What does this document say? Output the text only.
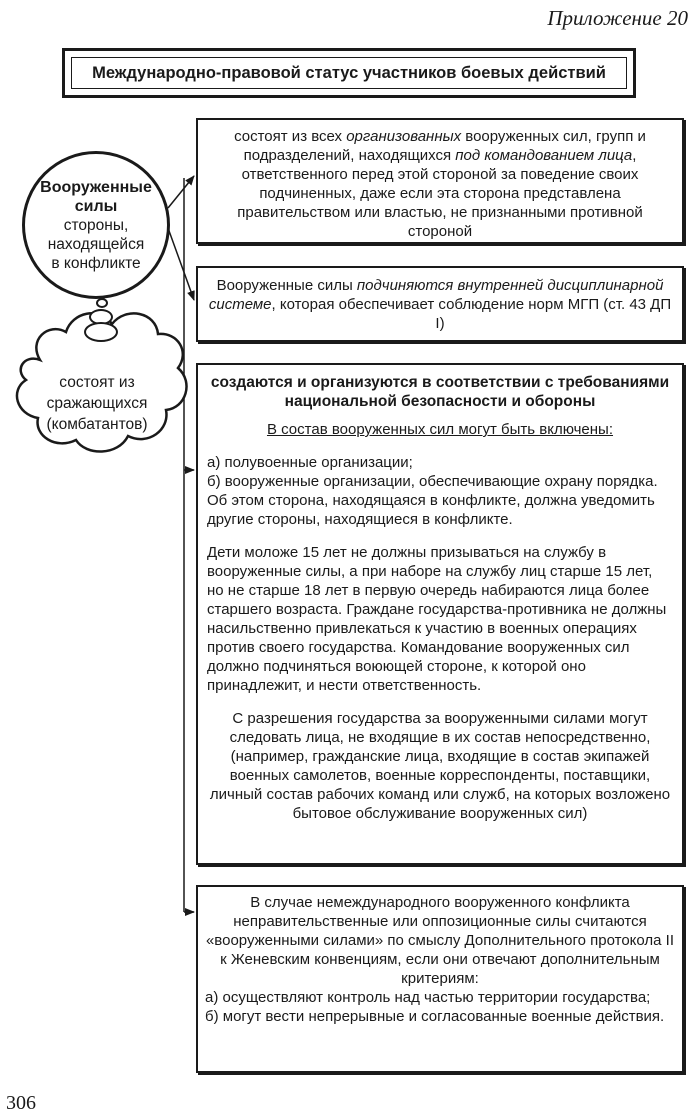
Приложение 20
Международно-правовой статус участников боевых действий
Вооруженные
силы
стороны,
находящейся
в конфликте
состоят из
сражающихся
(комбатантов)

состоят из всех организованных вооруженных сил, групп и подразделений, находящихся под командованием лица, ответственного перед этой стороной за поведение своих подчиненных, даже если эта сторона представлена правительством или властью, не признанными противной стороной

Вооруженные силы подчиняются внутренней дисциплинарной системе, которая обеспечивает соблюдение норм МГП (ст. 43 ДП I)

создаются и организуются в соответствии с требованиями национальной безопасности и обороны

В состав вооруженных сил могут быть включены:

а) полувоенные организации;

б) вооруженные организации, обеспечивающие охрану порядка. Об этом сторона, находящаяся в конфликте, должна уведомить другие стороны, находящиеся в конфликте.

Дети моложе 15 лет не должны призываться на службу в вооруженные силы, а при наборе на службу лиц старше 15 лет, но не старше 18 лет в первую очередь набираются лица более старшего возраста. Граждане государства-противника не должны насильственно привлекаться к участию в военных операциях против своего государства. Командование вооруженных сил должно подчиняться воюющей стороне, к которой оно принадлежит, и нести ответственность.

С разрешения государства за вооруженными силами могут следовать лица, не входящие в их состав непосредственно, (например, гражданские лица, входящие в состав экипажей военных самолетов, военные корреспонденты, поставщики, личный состав рабочих команд или служб, на которых возложено бытовое обслуживание вооруженных сил)

В случае немеждународного вооруженного конфликта неправительственные или оппозиционные силы считаются «вооруженными силами» по смыслу Дополнительного протокола II к Женевским конвенциям, если они отвечают дополнительным критериям:

а) осуществляют контроль над частью территории государства;

б) могут вести непрерывные и согласованные военные действия.

306
